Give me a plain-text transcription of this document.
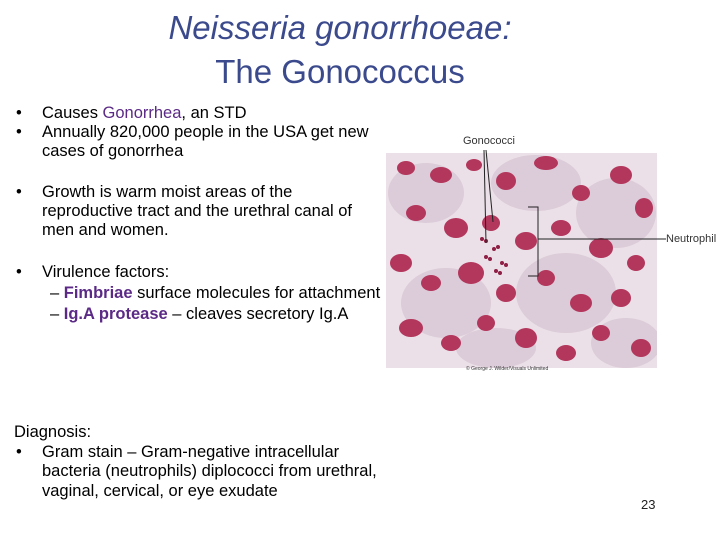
Neisseria gonorrhoeae:
The Gonococcus
• Causes Gonorrhea, an STD
• Annually 820,000 people in the USA get new cases of gonorrhea
• Growth is warm moist areas of the reproductive tract and the urethral canal of men and women.
• Virulence factors:
– Fimbriae surface molecules for attachment
– Ig.A protease – cleaves secretory Ig.A
Diagnosis:
• Gram stain – Gram-negative intracellular bacteria (neutrophils) diplococci from urethral, vaginal, cervical, or eye exudate
Gonococci
Neutrophil
© George J. Wilder/Visuals Unlimited
23
